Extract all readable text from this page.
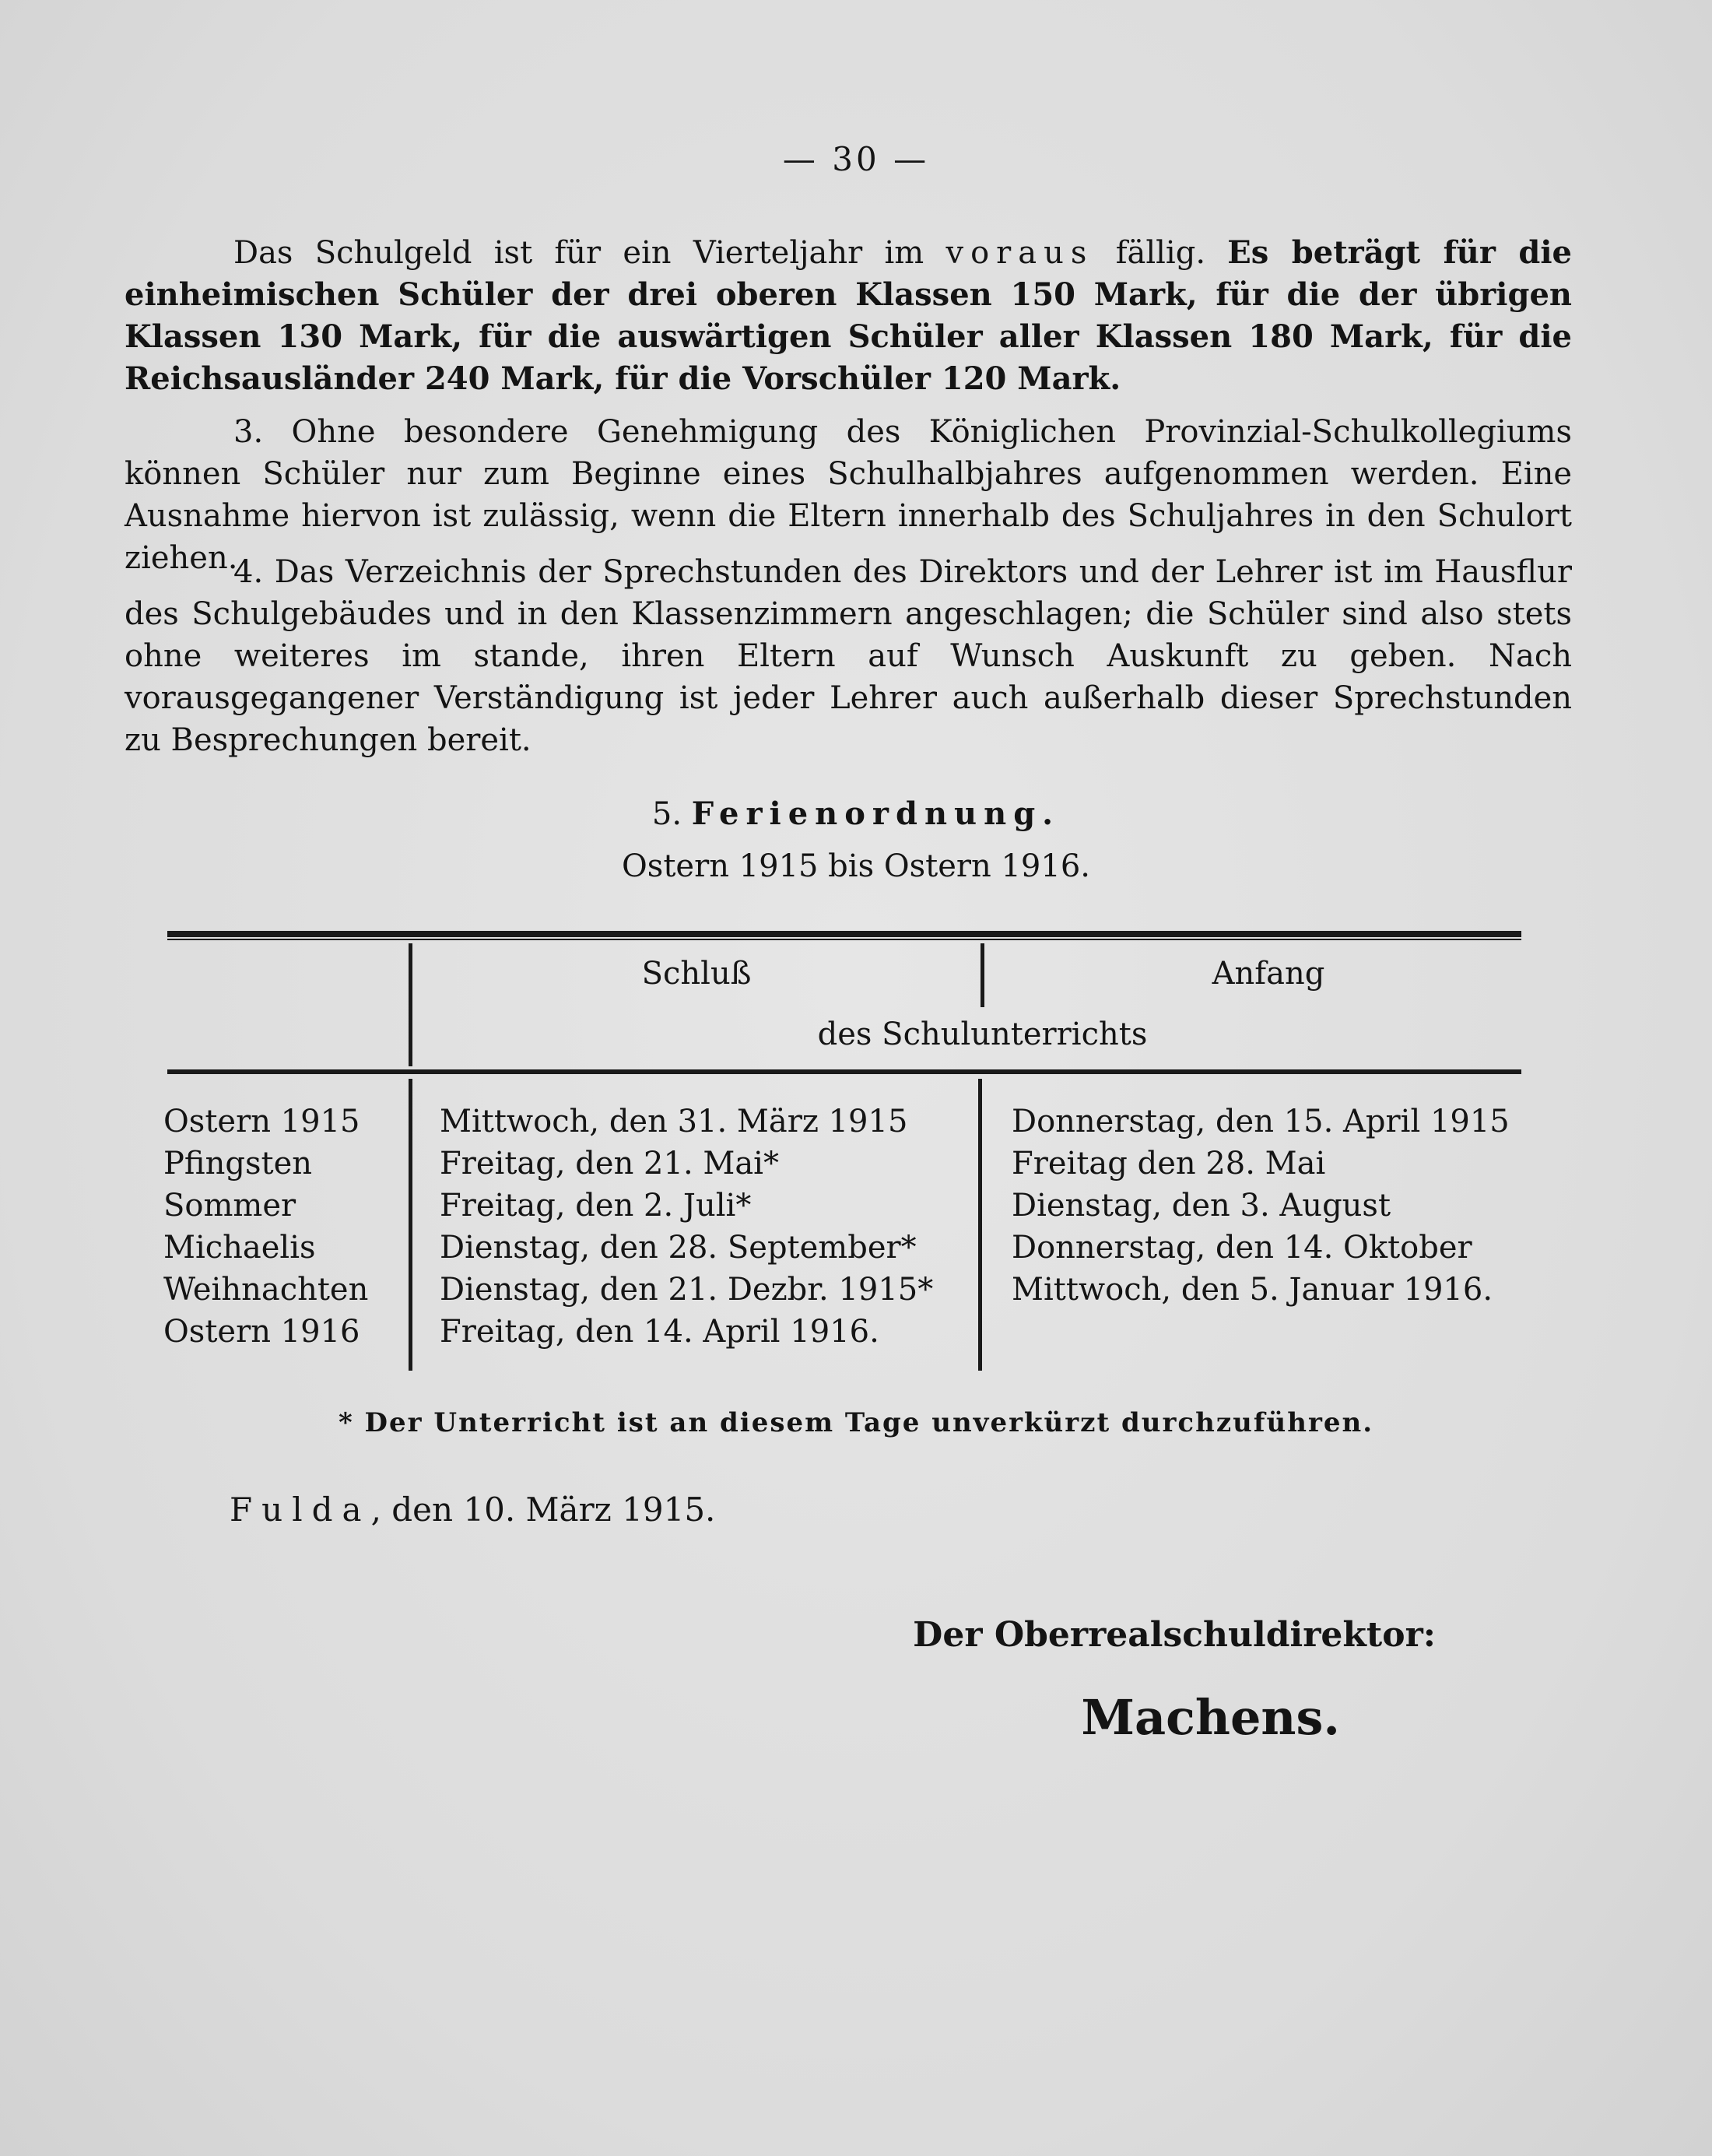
— 30 —

Das Schulgeld ist für ein Vierteljahr im voraus fällig. Es beträgt für die einheimischen Schüler der drei oberen Klassen 150 Mark, für die der übrigen Klassen 130 Mark, für die auswärtigen Schüler aller Klassen 180 Mark, für die Reichsausländer 240 Mark, für die Vorschüler 120 Mark.

3. Ohne besondere Genehmigung des Königlichen Provinzial-Schulkollegiums können Schüler nur zum Beginne eines Schulhalbjahres aufgenommen werden. Eine Ausnahme hiervon ist zulässig, wenn die Eltern innerhalb des Schuljahres in den Schulort ziehen.

4. Das Verzeichnis der Sprechstunden des Direktors und der Lehrer ist im Hausflur des Schulgebäudes und in den Klassenzimmern angeschlagen; die Schüler sind also stets ohne weiteres im stande, ihren Eltern auf Wunsch Auskunft zu geben. Nach vorausgegangener Verständigung ist jeder Lehrer auch außerhalb dieser Sprechstunden zu Besprechungen bereit.

5. Ferienordnung.
Ostern 1915 bis Ostern 1916.
Schluß	Anfang
des Schulunterrichts
Ostern 1915
Pfingsten
Sommer
Michaelis
Weihnachten
Ostern 1916
Mittwoch, den 31. März 1915
Freitag, den 21. Mai*
Freitag, den 2. Juli*
Dienstag, den 28. September*
Dienstag, den 21. Dezbr. 1915*
Freitag, den 14. April 1916.
Donnerstag, den 15. April 1915
Freitag den 28. Mai
Dienstag, den 3. August
Donnerstag, den 14. Oktober
Mittwoch, den 5. Januar 1916.
* Der Unterricht ist an diesem Tage unverkürzt durchzuführen.
Fulda, den 10. März 1915.
Der Oberrealschuldirektor:
Machens.
